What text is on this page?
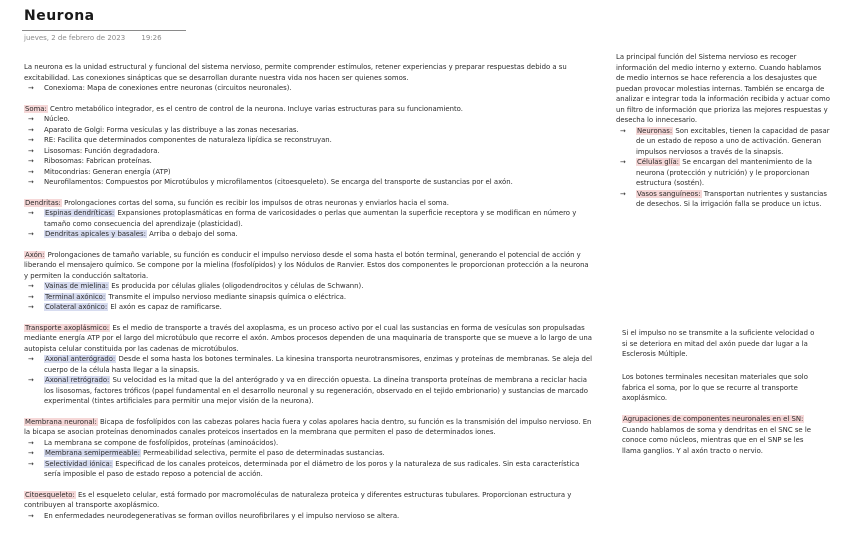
Neurona
jueves, 2 de febrero de 2023 19:26

La neurona es la unidad estructural y funcional del sistema nervioso, permite comprender estímulos, retener experiencias y preparar respuestas debido a su excitabilidad. Las conexiones sinápticas que se desarrollan durante nuestra vida nos hacen ser quienes somos.

→	Conexioma: Mapa de conexiones entre neuronas (circuitos neuronales).

Soma: Centro metabólico integrador, es el centro de control de la neurona. Incluye varias estructuras para su funcionamiento.

→	Núcleo.
→	Aparato de Golgi: Forma vesículas y las distribuye a las zonas necesarias.
→	RE: Facilita que determinados componentes de naturaleza lipídica se reconstruyan.
→	Lisosomas: Función degradadora.
→	Ribosomas: Fabrican proteínas.
→	Mitocondrias: Generan energía (ATP)
→	Neurofilamentos: Compuestos por Microtúbulos y microfilamentos (citoesqueleto). Se encarga del transporte de sustancias por el axón.

Dendritas: Prolongaciones cortas del soma, su función es recibir los impulsos de otras neuronas y enviarlos hacia el soma.

→	Espinas dendríticas: Expansiones protoplasmáticas en forma de varicosidades o perlas que aumentan la superficie receptora y se modifican en número y tamaño como consecuencia del aprendizaje (plasticidad).
→	Dendritas apicales y basales: Arriba o debajo del soma.

Axón: Prolongaciones de tamaño variable, su función es conducir el impulso nervioso desde el soma hasta el botón terminal, generando el potencial de acción y liberando el mensajero químico. Se compone por la mielina (fosfolípidos) y los Nódulos de Ranvier. Estos dos componentes le proporcionan protección a la neurona y permiten la conducción saltatoria.

→	Vainas de mielina: Es producida por células gliales (oligodendrocitos y células de Schwann).
→	Terminal axónico: Transmite el impulso nervioso mediante sinapsis química o eléctrica.
→	Colateral axónico: El axón es capaz de ramificarse.

Transporte axoplásmico: Es el medio de transporte a través del axoplasma, es un proceso activo por el cual las sustancias en forma de vesículas son propulsadas mediante energía ATP por el largo del microtúbulo que recorre el axón. Ambos procesos dependen de una maquinaria de transporte que se mueve a lo largo de una autopista celular constituida por las cadenas de microtúbulos.

→	Axonal anterógrado: Desde el soma hasta los botones terminales. La kinesina transporta neurotransmisores, enzimas y proteínas de membranas. Se aleja del cuerpo de la célula hasta llegar a la sinapsis.
→	Axonal retrógrado: Su velocidad es la mitad que la del anterógrado y va en dirección opuesta. La dineína transporta proteínas de membrana a reciclar hacia los lisosomas, factores tróficos (papel fundamental en el desarrollo neuronal y su regeneración, observado en el tejido embrionario) y sustancias de marcado experimental (tintes artificiales para permitir una mejor visión de la neurona).

Membrana neuronal: Bicapa de fosfolípidos con las cabezas polares hacia fuera y colas apolares hacia dentro, su función es la transmisión del impulso nervioso. En la bicapa se asocian proteínas denominados canales proteicos insertados en la membrana que permiten el paso de determinados iones.

→	La membrana se compone de fosfolípidos, proteínas (aminoácidos).
→	Membrana semipermeable: Permeabilidad selectiva, permite el paso de determinadas sustancias.
→	Selectividad iónica: Especificad de los canales proteicos, determinada por el diámetro de los poros y la naturaleza de sus radicales. Sin esta característica sería imposible el paso de estado reposo a potencial de acción.

Citoesqueleto: Es el esqueleto celular, está formado por macromoléculas de naturaleza proteica y diferentes estructuras tubulares. Proporcionan estructura y contribuyen al transporte axoplásmico.

→	En enfermedades neurodegenerativas se forman ovillos neurofibrilares y el impulso nervioso se altera.

La principal función del Sistema nervioso es recoger información del medio interno y externo. Cuando hablamos de medio internos se hace referencia a los desajustes que puedan provocar molestias internas. También se encarga de analizar e integrar toda la información recibida y actuar como un filtro de información que prioriza las mejores respuestas y desecha lo innecesario.

→	Neuronas: Son excitables, tienen la capacidad de pasar de un estado de reposo a uno de activación. Generan impulsos nerviosos a través de la sinapsis.
→	Células glía: Se encargan del mantenimiento de la neurona (protección y nutrición) y le proporcionan estructura (sostén).
→	Vasos sanguíneos: Transportan nutrientes y sustancias de desechos. Si la irrigación falla se produce un ictus.

Si el impulso no se transmite a la suficiente velocidad o si se deteriora en mitad del axón puede dar lugar a la Esclerosis Múltiple.

Los botones terminales necesitan materiales que solo fabrica el soma, por lo que se recurre al transporte axoplásmico.

Agrupaciones de componentes neuronales en el SN:

Cuando hablamos de soma y dendritas en el SNC se le conoce como núcleos, mientras que en el SNP se les llama ganglios. Y al axón tracto o nervio.
